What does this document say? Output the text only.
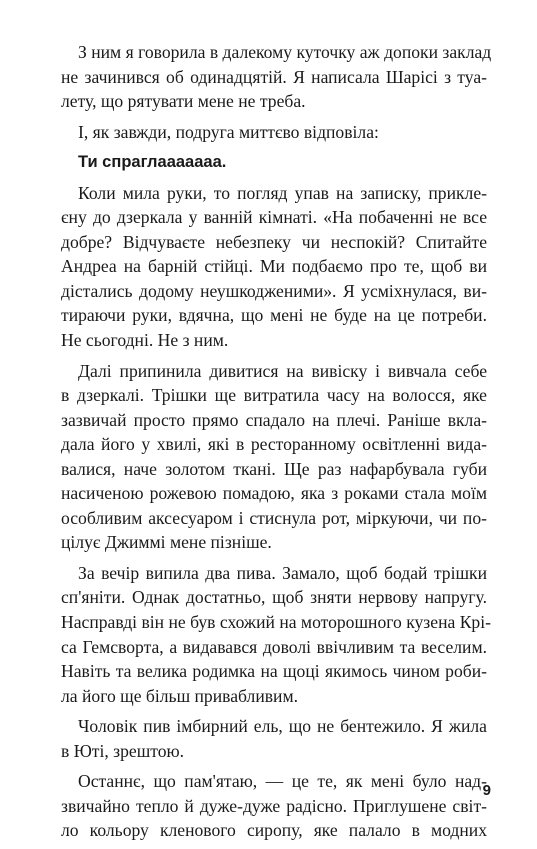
З ним я говорила в далекому куточку аж допоки заклад
не зачинився об одинадцятій. Я написала Шарісі з туа-
лету, що рятувати мене не треба.
І, як завжди, подруга миттєво відповіла:
Ти спраглааааааа.
Коли мила руки, то погляд упав на записку, прикле-
єну до дзеркала у ванній кімнаті. «На побаченні не все
добре? Відчуваєте небезпеку чи неспокій? Спитайте
Андреа на барній стійці. Ми подбаємо про те, щоб ви
дістались додому неушкодженими». Я усміхнулася, ви-
тираючи руки, вдячна, що мені не буде на це потреби.
Не сьогодні. Не з ним.
Далі припинила дивитися на вивіску і вивчала себе
в дзеркалі. Трішки ще витратила часу на волосся, яке
зазвичай просто прямо спадало на плечі. Раніше вкла-
дала його у хвилі, які в ресторанному освітленні вида-
валися, наче золотом ткані. Ще раз нафарбувала губи
насиченою рожевою помадою, яка з роками стала моїм
особливим аксесуаром і стиснула рот, міркуючи, чи по-
цілує Джиммі мене пізніше.
За вечір випила два пива. Замало, щоб бодай трішки
сп'яніти. Однак достатньо, щоб зняти нервову напругу.
Насправді він не був схожий на моторошного кузена Крі-
са Гемсворта, а видавався доволі ввічливим та веселим.
Навіть та велика родимка на щоці якимось чином роби-
ла його ще більш привабливим.
Чоловік пив імбирний ель, що не бентежило. Я жила
в Юті, зрештою.
Останнє, що пам'ятаю, — це те, як мені було над-
звичайно тепло й дуже-дуже радісно. Приглушене світ-
ло кольору кленового сиропу, яке палало в модних
9
